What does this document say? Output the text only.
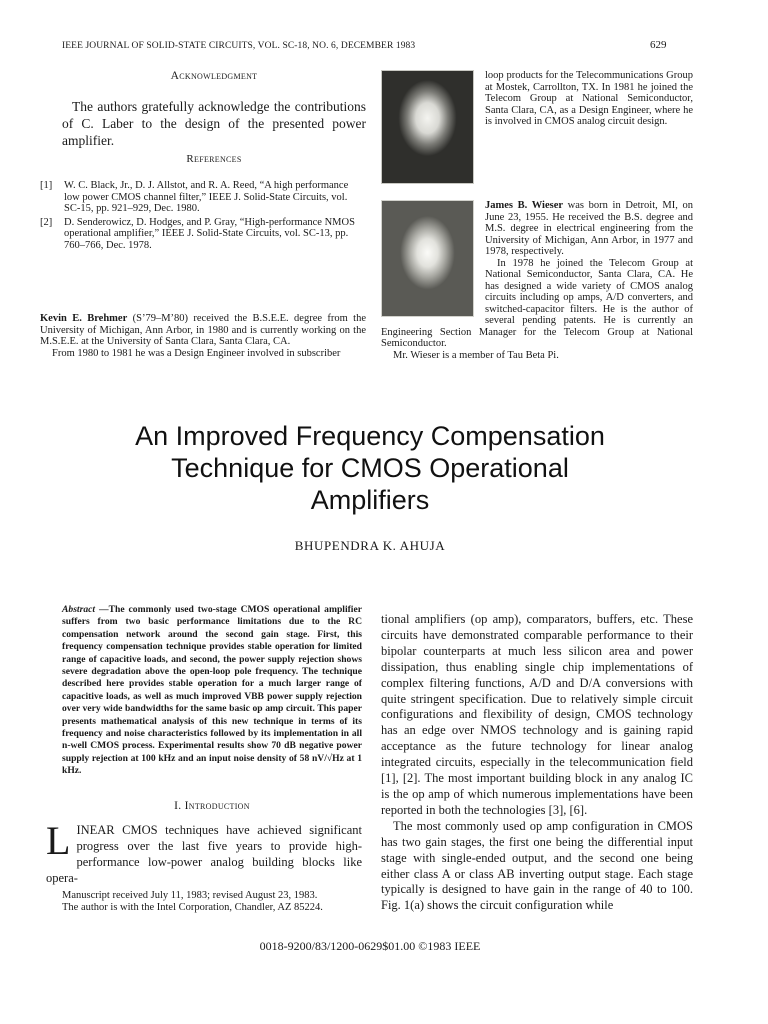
IEEE JOURNAL OF SOLID-STATE CIRCUITS, VOL. SC-18, NO. 6, DECEMBER 1983	629
Acknowledgment

The authors gratefully acknowledge the contributions of C. Laber to the design of the presented power amplifier.

References
[1]	W. C. Black, Jr., D. J. Allstot, and R. A. Reed, “A high performance low power CMOS channel filter,” IEEE J. Solid-State Circuits, vol. SC-15, pp. 921–929, Dec. 1980.
[2]	D. Senderowicz, D. Hodges, and P. Gray, “High-performance NMOS operational amplifier,” IEEE J. Solid-State Circuits, vol. SC-13, pp. 760–766, Dec. 1978.

Kevin E. Brehmer (S’79–M’80) received the B.S.E.E. degree from the University of Michigan, Ann Arbor, in 1980 and is currently working on the M.S.E.E. at the University of Santa Clara, Santa Clara, CA.

From 1980 to 1981 he was a Design Engineer involved in subscriber

loop products for the Telecommunications Group at Mostek, Carrollton, TX. In 1981 he joined the Telecom Group at National Semiconductor, Santa Clara, CA, as a Design Engineer, where he is involved in CMOS analog circuit design.

James B. Wieser was born in Detroit, MI, on June 23, 1955. He received the B.S. degree and M.S. degree in electrical engineering from the University of Michigan, Ann Arbor, in 1977 and 1978, respectively.

In 1978 he joined the Telecom Group at National Semiconductor, Santa Clara, CA. He has designed a wide variety of CMOS analog circuits including op amps, A/D converters, and switched-capacitor filters. He is the author of several pending patents. He is currently an Engineering Section Manager for the Telecom Group at National Semiconductor.

Mr. Wieser is a member of Tau Beta Pi.

An Improved Frequency Compensation
Technique for CMOS Operational
Amplifiers
BHUPENDRA K. AHUJA

Abstract —The commonly used two-stage CMOS operational amplifier suffers from two basic performance limitations due to the RC compensation network around the second gain stage. First, this frequency compensation technique provides stable operation for limited range of capacitive loads, and second, the power supply rejection shows severe degradation above the open-loop pole frequency. The technique described here provides stable operation for a much larger range of capacitive loads, as well as much improved VBB power supply rejection over very wide bandwidths for the same basic op amp circuit. This paper presents mathematical analysis of this new technique in terms of its frequency and noise characteristics followed by its implementation in all n-well CMOS process. Experimental results show 70 dB negative power supply rejection at 100 kHz and an input noise density of 58 nV/√Hz at 1 kHz.

I. Introduction
LINEAR CMOS techniques have achieved significant progress over the last five years to provide high-performance low-power analog building blocks like opera-
Manuscript received July 11, 1983; revised August 23, 1983.
The author is with the Intel Corporation, Chandler, AZ 85224.

tional amplifiers (op amp), comparators, buffers, etc. These circuits have demonstrated comparable performance to their bipolar counterparts at much less silicon area and power dissipation, thus enabling single chip implementations of complex filtering functions, A/D and D/A conversions with quite stringent specification. Due to relatively simple circuit configurations and flexibility of design, CMOS technology has an edge over NMOS technology and is gaining rapid acceptance as the future technology for linear analog integrated circuits, especially in the telecommunication field [1], [2]. The most important building block in any analog IC is the op amp of which numerous implementations have been reported in both the technologies [3], [6].

The most commonly used op amp configuration in CMOS has two gain stages, the first one being the differential input stage with single-ended output, and the second one being either class A or class AB inverting output stage. Each stage typically is designed to have gain in the range of 40 to 100. Fig. 1(a) shows the circuit configuration while

0018-9200/83/1200-0629$01.00 ©1983 IEEE
